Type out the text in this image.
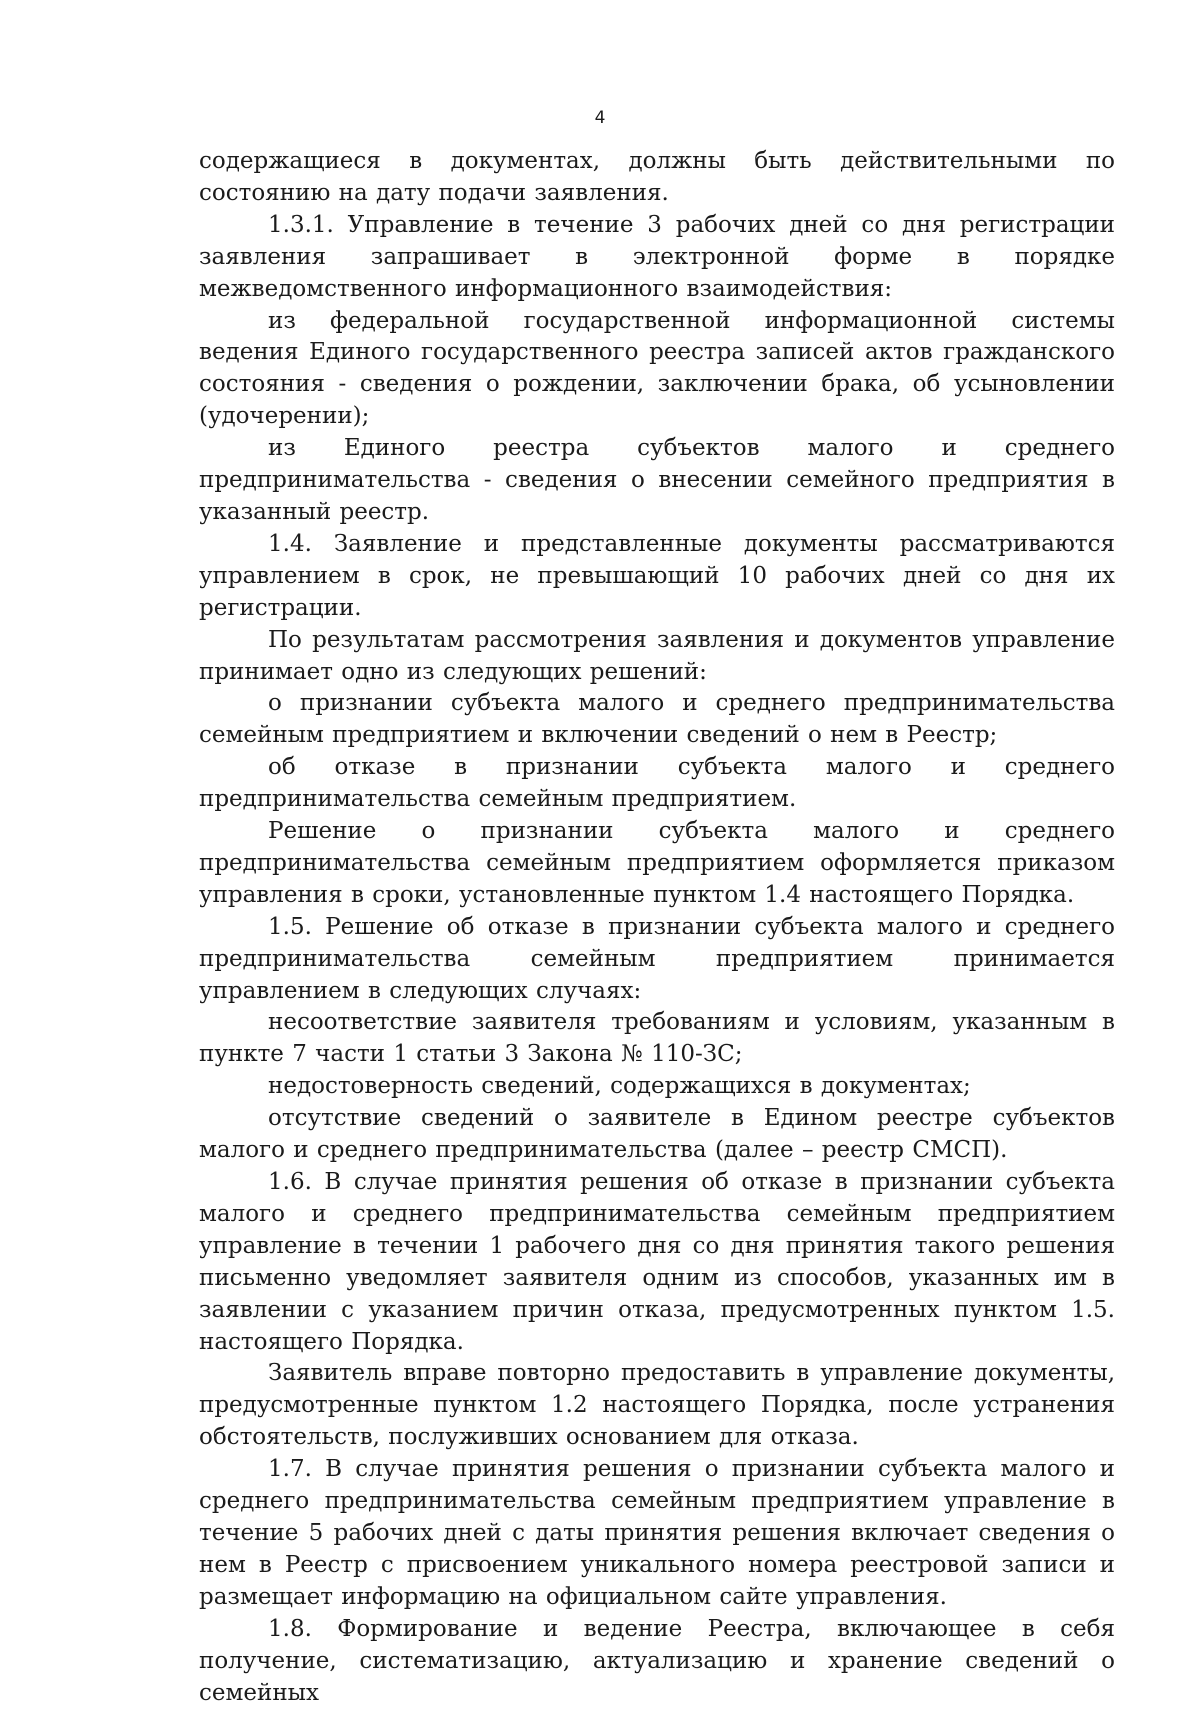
4

содержащиеся в документах, должны быть действительными по состоянию на дату подачи заявления.

1.3.1. Управление в течение 3 рабочих дней со дня регистрации заявления запрашивает в электронной форме в порядке межведомственного информационного взаимодействия:

из федеральной государственной информационной системы ведения Единого государственного реестра записей актов гражданского состояния - сведения о рождении, заключении брака, об усыновлении (удочерении);

из Единого реестра субъектов малого и среднего предпринимательства - сведения о внесении семейного предприятия в указанный реестр.

1.4. Заявление и представленные документы рассматриваются управлением в срок, не превышающий 10 рабочих дней со дня их регистрации.

По результатам рассмотрения заявления и документов управление принимает одно из следующих решений:

о признании субъекта малого и среднего предпринимательства семейным предприятием и включении сведений о нем в Реестр;

об отказе в признании субъекта малого и среднего предпринимательства семейным предприятием.

Решение о признании субъекта малого и среднего предпринимательства семейным предприятием оформляется приказом управления в сроки, установленные пунктом 1.4 настоящего Порядка.

1.5. Решение об отказе в признании субъекта малого и среднего предпринимательства семейным предприятием принимается управлением в следующих случаях:

несоответствие заявителя требованиям и условиям, указанным в пункте 7 части 1 статьи 3 Закона № 110-ЗС;

недостоверность сведений, содержащихся в документах;

отсутствие сведений о заявителе в Едином реестре субъектов малого и среднего предпринимательства (далее – реестр СМСП).

1.6. В случае принятия решения об отказе в признании субъекта малого и среднего предпринимательства семейным предприятием управление в течении 1 рабочего дня со дня принятия такого решения письменно уведомляет заявителя одним из способов, указанных им в заявлении с указанием причин отказа, предусмотренных пунктом 1.5. настоящего Порядка.

Заявитель вправе повторно предоставить в управление документы, предусмотренные пунктом 1.2 настоящего Порядка, после устранения обстоятельств, послуживших основанием для отказа.

1.7. В случае принятия решения о признании субъекта малого и среднего предпринимательства семейным предприятием управление в течение 5 рабочих дней с даты принятия решения включает сведения о нем в Реестр с присвоением уникального номера реестровой записи и размещает информацию на официальном сайте управления.

1.8. Формирование и ведение Реестра, включающее в себя получение, систематизацию, актуализацию и хранение сведений о семейных
